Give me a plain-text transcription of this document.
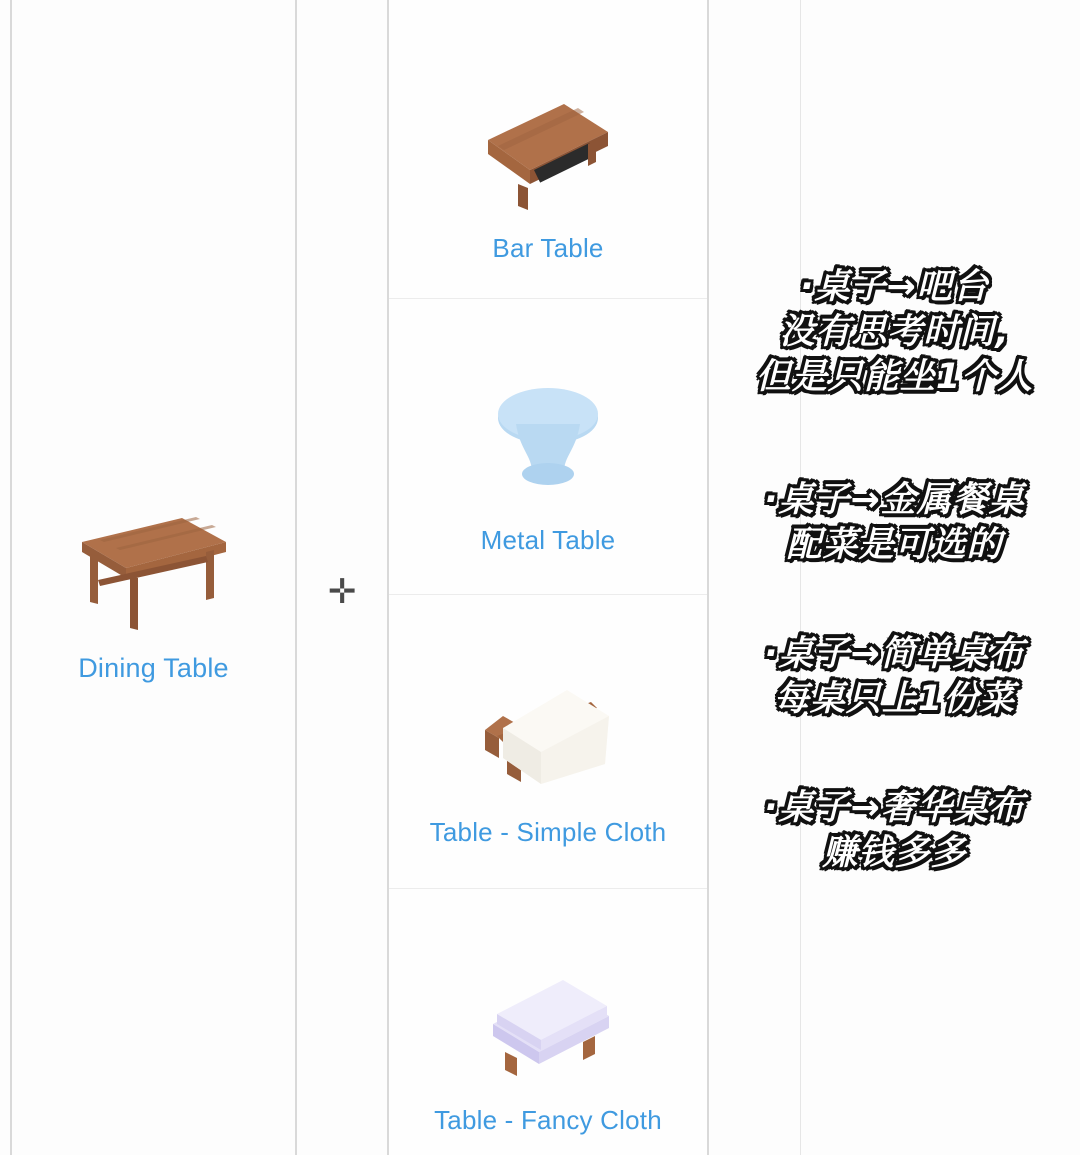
Dining Table
✛
Bar Table
Metal Table
Table - Simple Cloth
Table - Fancy Cloth
·桌子→吧台
没有思考时间,
但是只能坐1个人
·桌子→金属餐桌
配菜是可选的
·桌子→简单桌布
每桌只上1份菜
·桌子→奢华桌布
赚钱多多
